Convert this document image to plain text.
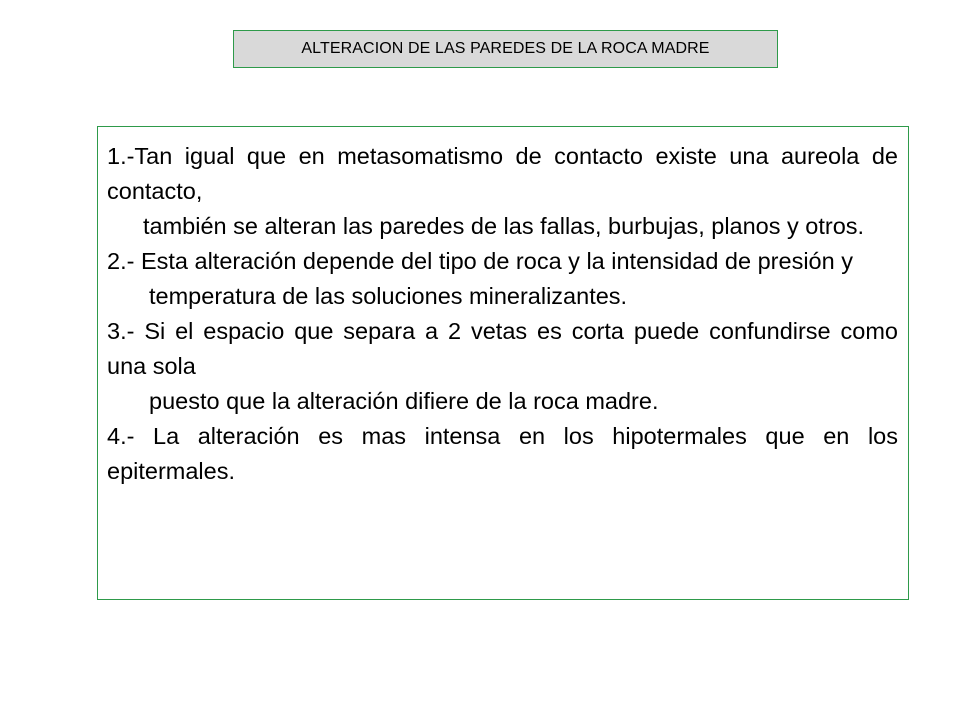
ALTERACION DE LAS PAREDES DE LA ROCA MADRE

1.-Tan igual que en metasomatismo de contacto existe una aureola de contacto,

también se alteran las paredes de las fallas, burbujas, planos y otros.

2.- Esta alteración depende del tipo de roca y la intensidad de presión y

temperatura de las soluciones mineralizantes.

3.- Si el espacio que separa a 2 vetas es corta puede confundirse como una sola

puesto que la alteración difiere de la roca madre.

4.- La alteración es mas intensa en los hipotermales que en los epitermales.
